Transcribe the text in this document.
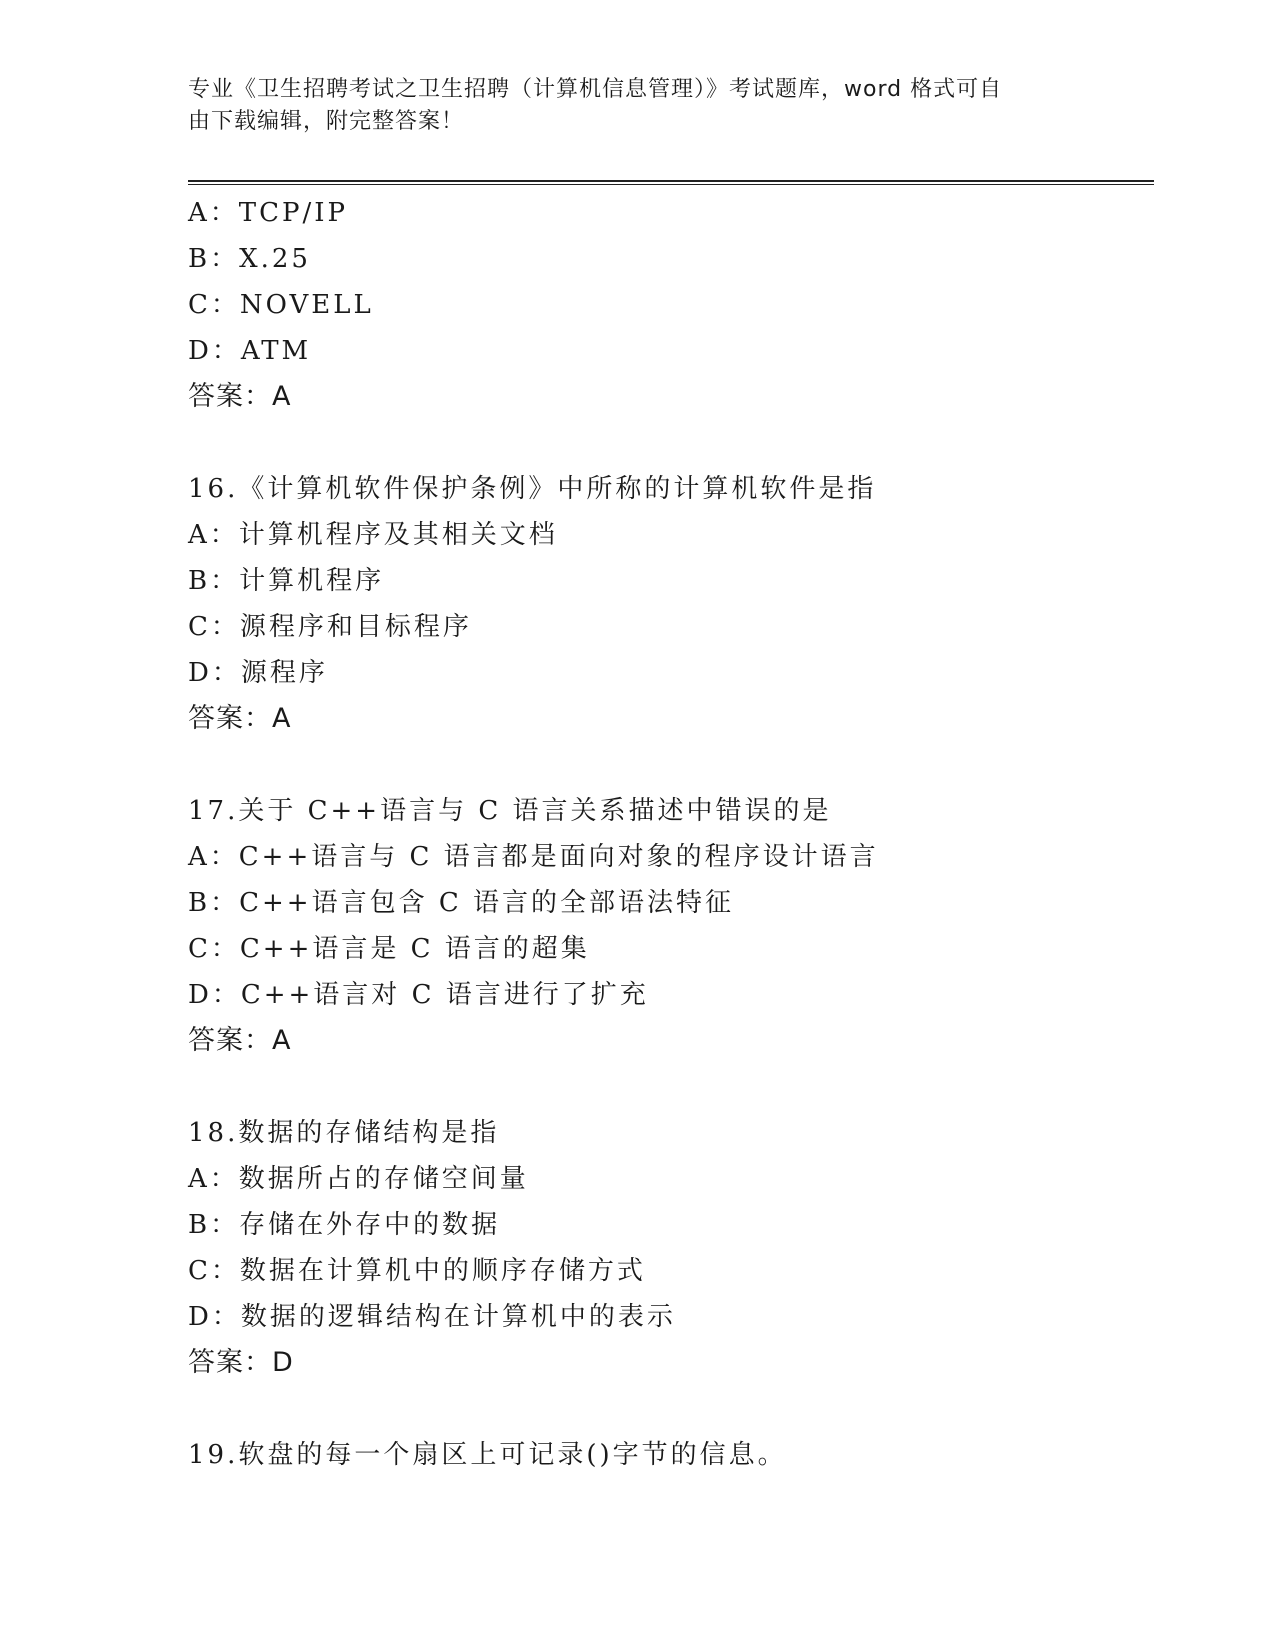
专业《卫生招聘考试之卫生招聘（计算机信息管理）》考试题库，word 格式可自
由下载编辑，附完整答案！
A：TCP/IP
B：X.25
C：NOVELL
D：ATM
答案：A
16.《计算机软件保护条例》中所称的计算机软件是指
A：计算机程序及其相关文档
B：计算机程序
C：源程序和目标程序
D：源程序
答案：A
17.关于 C++语言与 C 语言关系描述中错误的是
A：C++语言与 C 语言都是面向对象的程序设计语言
B：C++语言包含 C 语言的全部语法特征
C：C++语言是 C 语言的超集
D：C++语言对 C 语言进行了扩充
答案：A
18.数据的存储结构是指
A：数据所占的存储空间量
B：存储在外存中的数据
C：数据在计算机中的顺序存储方式
D：数据的逻辑结构在计算机中的表示
答案：D
19.软盘的每一个扇区上可记录()字节的信息。
